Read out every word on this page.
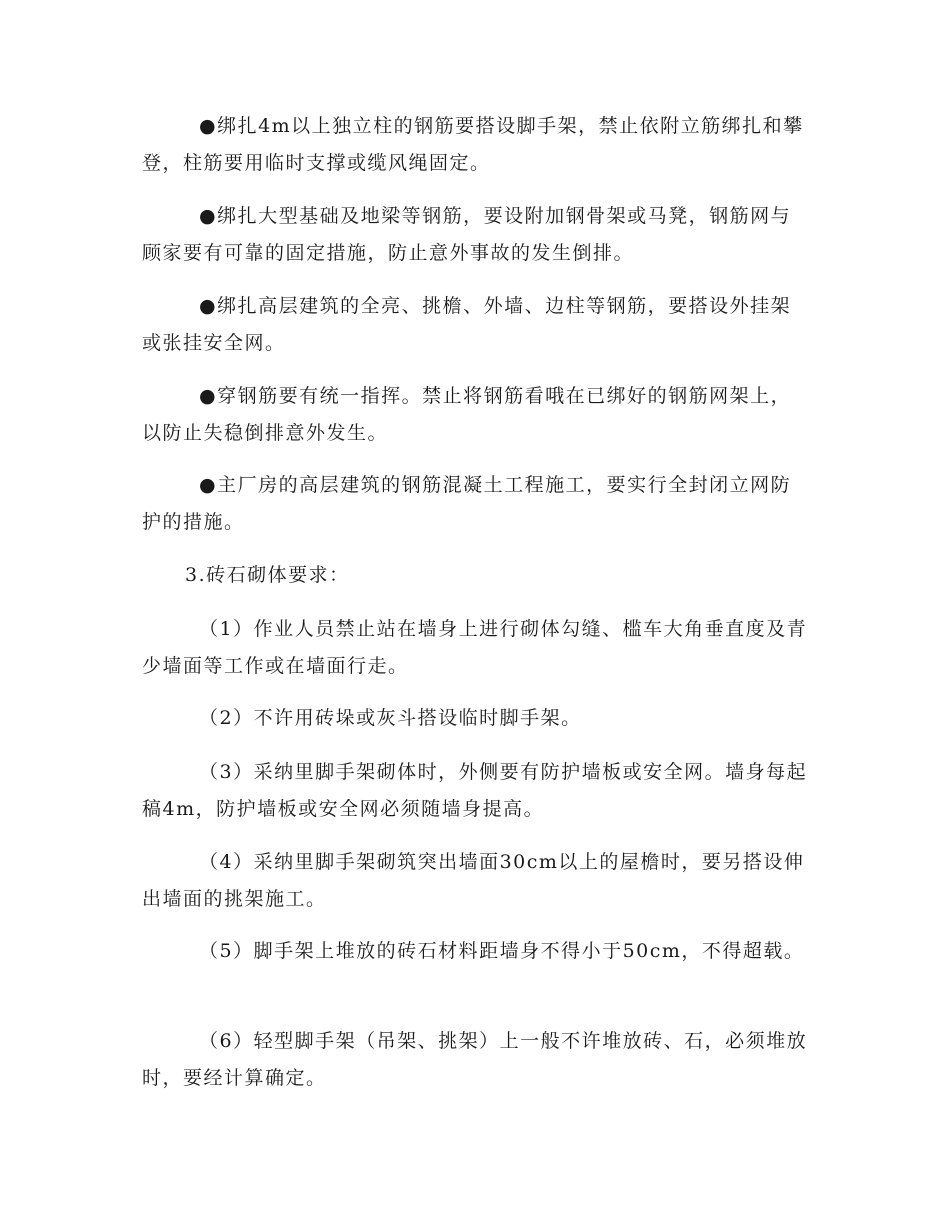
●绑扎4m以上独立柱的钢筋要搭设脚手架，禁止依附立筋绑扎和攀登，柱筋要用临时支撑或缆风绳固定。

●绑扎大型基础及地梁等钢筋，要设附加钢骨架或马凳，钢筋网与顾家要有可靠的固定措施，防止意外事故的发生倒排。

●绑扎高层建筑的全亮、挑檐、外墙、边柱等钢筋，要搭设外挂架或张挂安全网。

●穿钢筋要有统一指挥。禁止将钢筋看哦在已绑好的钢筋网架上，以防止失稳倒排意外发生。

●主厂房的高层建筑的钢筋混凝土工程施工，要实行全封闭立网防护的措施。

3.砖石砌体要求：

（1）作业人员禁止站在墙身上进行砌体勾缝、槛车大角垂直度及青少墙面等工作或在墙面行走。

（2）不许用砖垛或灰斗搭设临时脚手架。

（3）采纳里脚手架砌体时，外侧要有防护墙板或安全网。墙身每起稿4m，防护墙板或安全网必须随墙身提高。

（4）采纳里脚手架砌筑突出墙面30cm以上的屋檐时，要另搭设伸出墙面的挑架施工。

（5）脚手架上堆放的砖石材料距墙身不得小于50cm，不得超载。

（6）轻型脚手架（吊架、挑架）上一般不许堆放砖、石，必须堆放时，要经计算确定。
